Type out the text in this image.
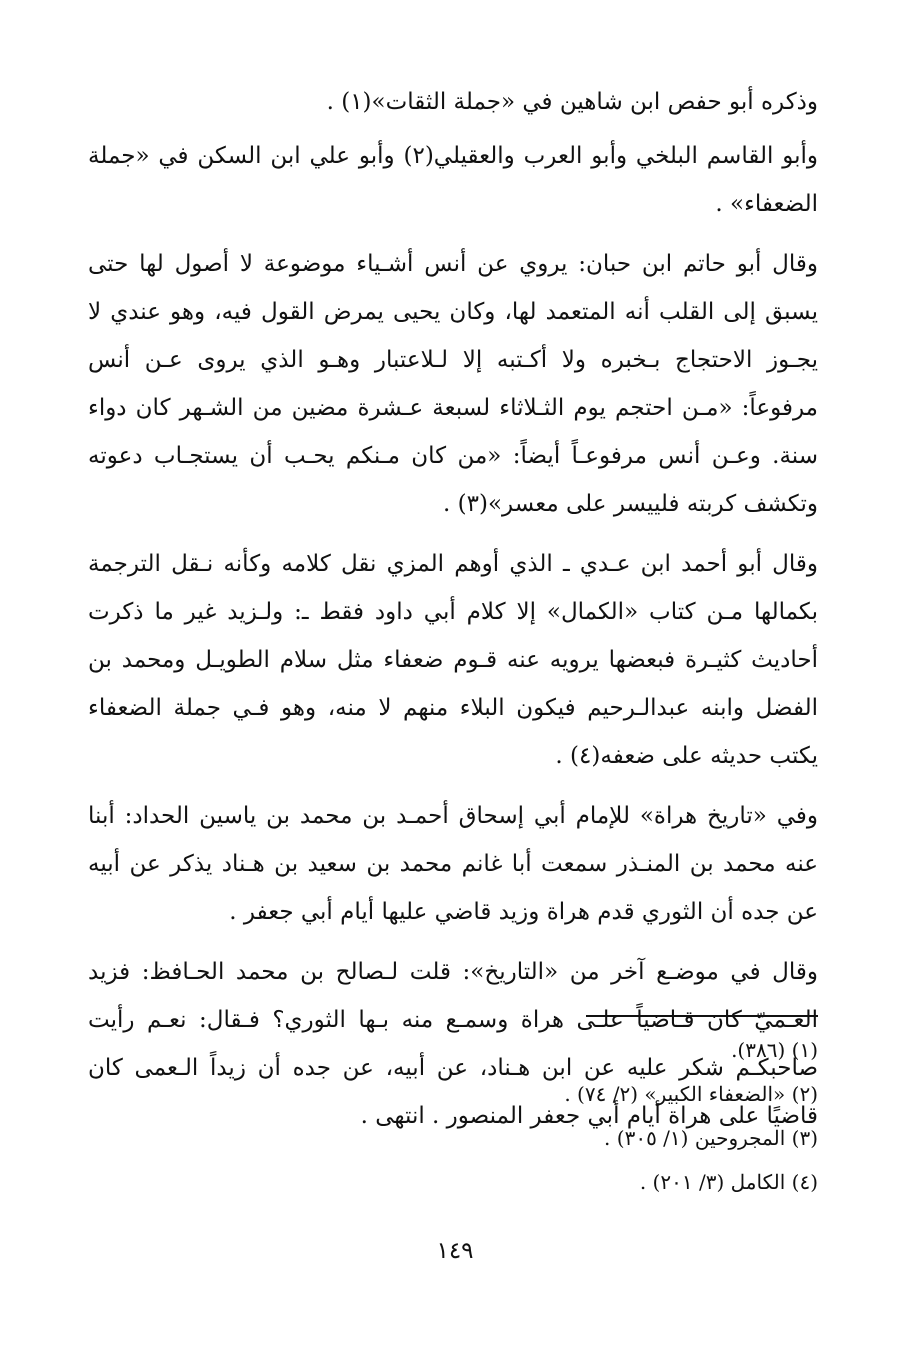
وذكره أبو حفص ابن شاهين في «جملة الثقات»(١) .

وأبو القاسم البلخي وأبو العرب والعقيلي(٢) وأبو علي ابن السكن في «جملة الضعفاء» .

وقال أبو حاتم ابن حبان: يروي عن أنس أشـياء موضوعة لا أصول لها حتى يسبق إلى القلب أنه المتعمد لها، وكان يحيى يمرض القول فيه، وهو عندي لا يجـوز الاحتجاج بـخبره ولا أكـتبه إلا لـلاعتبار وهـو الذي يروى عـن أنس مرفوعاً: «مـن احتجم يوم الثـلاثاء لسبعة عـشرة مضين من الشـهر كان دواء سنة. وعـن أنس مرفوعـاً أيضاً: «من كان مـنكم يحـب أن يستجـاب دعوته وتكشف كربته فلييسر على معسر»(٣) .

وقال أبو أحمد ابن عـدي ـ الذي أوهم المزي نقل كلامه وكأنه نـقل الترجمة بكمالها مـن كتاب «الكمال» إلا كلام أبي داود فقط ـ: ولـزيد غير ما ذكرت أحاديث كثيـرة فبعضها يرويه عنه قـوم ضعفاء مثل سلام الطويـل ومحمد بن الفضل وابنه عبدالـرحيم فيكون البلاء منهم لا منه، وهو فـي جملة الضعفاء يكتب حديثه على ضعفه(٤) .

وفي «تاريخ هراة» للإمام أبي إسحاق أحمـد بن محمد بن ياسين الحداد: أبنا عنه محمد بن المنـذر سمعت أبا غانم محمد بن سعيد بن هـناد يذكر عن أبيه عن جده أن الثوري قدم هراة وزيد قاضي عليها أيام أبي جعفر .

وقال في موضـع آخر من «التاريخ»: قلت لـصالح بن محمد الحـافظ: فزيد العـميّ كان قـاضياً علـى هراة وسمـع منه بـها الثوري؟ فـقال: نعـم رأيت صاحبكـم شكر عليه عن ابن هـناد، عن أبيه، عن جده أن زيداً الـعمى كان قاضيًا على هراة أيام أبي جعفر المنصور . انتهى .

(١) (٣٨٦).
(٢) «الضعفاء الكبير» (٢/ ٧٤) .
(٣) المجروحين (١/ ٣٠٥) .
(٤) الكامل (٣/ ٢٠١) .
١٤٩
